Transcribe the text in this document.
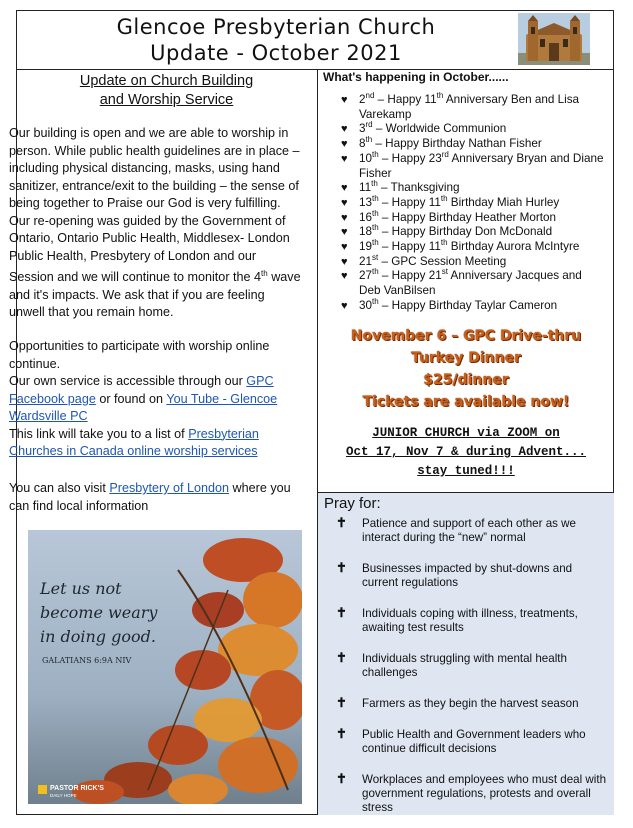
Glencoe Presbyterian Church
Update - October 2021
Update on Church Building
and Worship Service
Our building is open and we are able to worship in person. While public health guidelines are in place – including physical distancing, masks, using hand sanitizer, entrance/exit to the building – the sense of being together to Praise our God is very fulfilling. Our re-opening was guided by the Government of Ontario, Ontario Public Health, Middlesex- London Public Health, Presbytery of London and our Session and we will continue to monitor the 4th wave and it's impacts. We ask that if you are feeling unwell that you remain home.
Opportunities to participate with worship online continue.
Our own service is accessible through our GPC Facebook page or found on You Tube - Glencoe Wardsville PC
This link will take you to a list of Presbyterian Churches in Canada online worship services
You can also visit Presbytery of London where you can find local information
Let us not
become weary
in doing good.
GALATIANS 6:9A NIV
PASTOR RICK'S
DAILY HOPE
What's happening in October......
♥ 2nd – Happy 11th Anniversary Ben and Lisa Varekamp
♥ 3rd – Worldwide Communion
♥ 8th – Happy Birthday Nathan Fisher
♥ 10th – Happy 23rd Anniversary Bryan and Diane Fisher
♥ 11th – Thanksgiving
♥ 13th – Happy 11th Birthday Miah Hurley
♥ 16th – Happy Birthday Heather Morton
♥ 18th – Happy Birthday Don McDonald
♥ 19th – Happy 11th Birthday Aurora McIntyre
♥ 21st – GPC Session Meeting
♥ 27th – Happy 21st Anniversary Jacques and Deb VanBilsen
♥ 30th – Happy Birthday Taylar Cameron
November 6 – GPC Drive-thru
Turkey Dinner
$25/dinner
Tickets are available now!
JUNIOR CHURCH via ZOOM on
Oct 17, Nov 7 & during Advent...
stay tuned!!!
Pray for:
✝ Patience and support of each other as we interact during the “new” normal
✝ Businesses impacted by shut-downs and current regulations
✝ Individuals coping with illness, treatments, awaiting test results
✝ Individuals struggling with mental health challenges
✝ Farmers as they begin the harvest season
✝ Public Health and Government leaders who continue difficult decisions
✝ Workplaces and employees who must deal with government regulations, protests and overall stress
